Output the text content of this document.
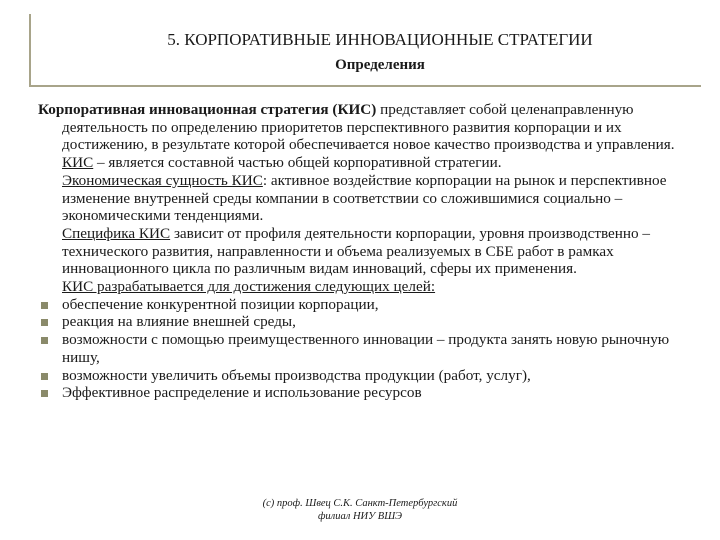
5. КОРПОРАТИВНЫЕ ИННОВАЦИОННЫЕ СТРАТЕГИИ
Определения

Корпоративная инновационная стратегия (КИС) представляет собой целенаправленную деятельность по определению приоритетов перспективного развития корпорации и их достижению, в результате которой обеспечивается новое качество производства и управления.

КИС – является составной частью общей корпоративной стратегии.

Экономическая сущность КИС: активное воздействие корпорации на рынок и перспективное изменение внутренней среды компании в соответствии со сложившимися социально – экономическими тенденциями.

Специфика КИС зависит от профиля деятельности корпорации, уровня производственно – технического развития, направленности и объема реализуемых в СБЕ работ в рамках инновационного цикла по различным видам инноваций, сферы их применения.

КИС разрабатывается для достижения следующих целей:

обеспечение конкурентной позиции корпорации,
реакция на влияние внешней среды,
возможности с помощью преимущественного инновации – продукта занять новую рыночную нишу,
возможности увеличить объемы производства продукции (работ, услуг),
Эффективное распределение и использование ресурсов
(с) проф. Швец С.К. Санкт-Петербургский
филиал НИУ ВШЭ
